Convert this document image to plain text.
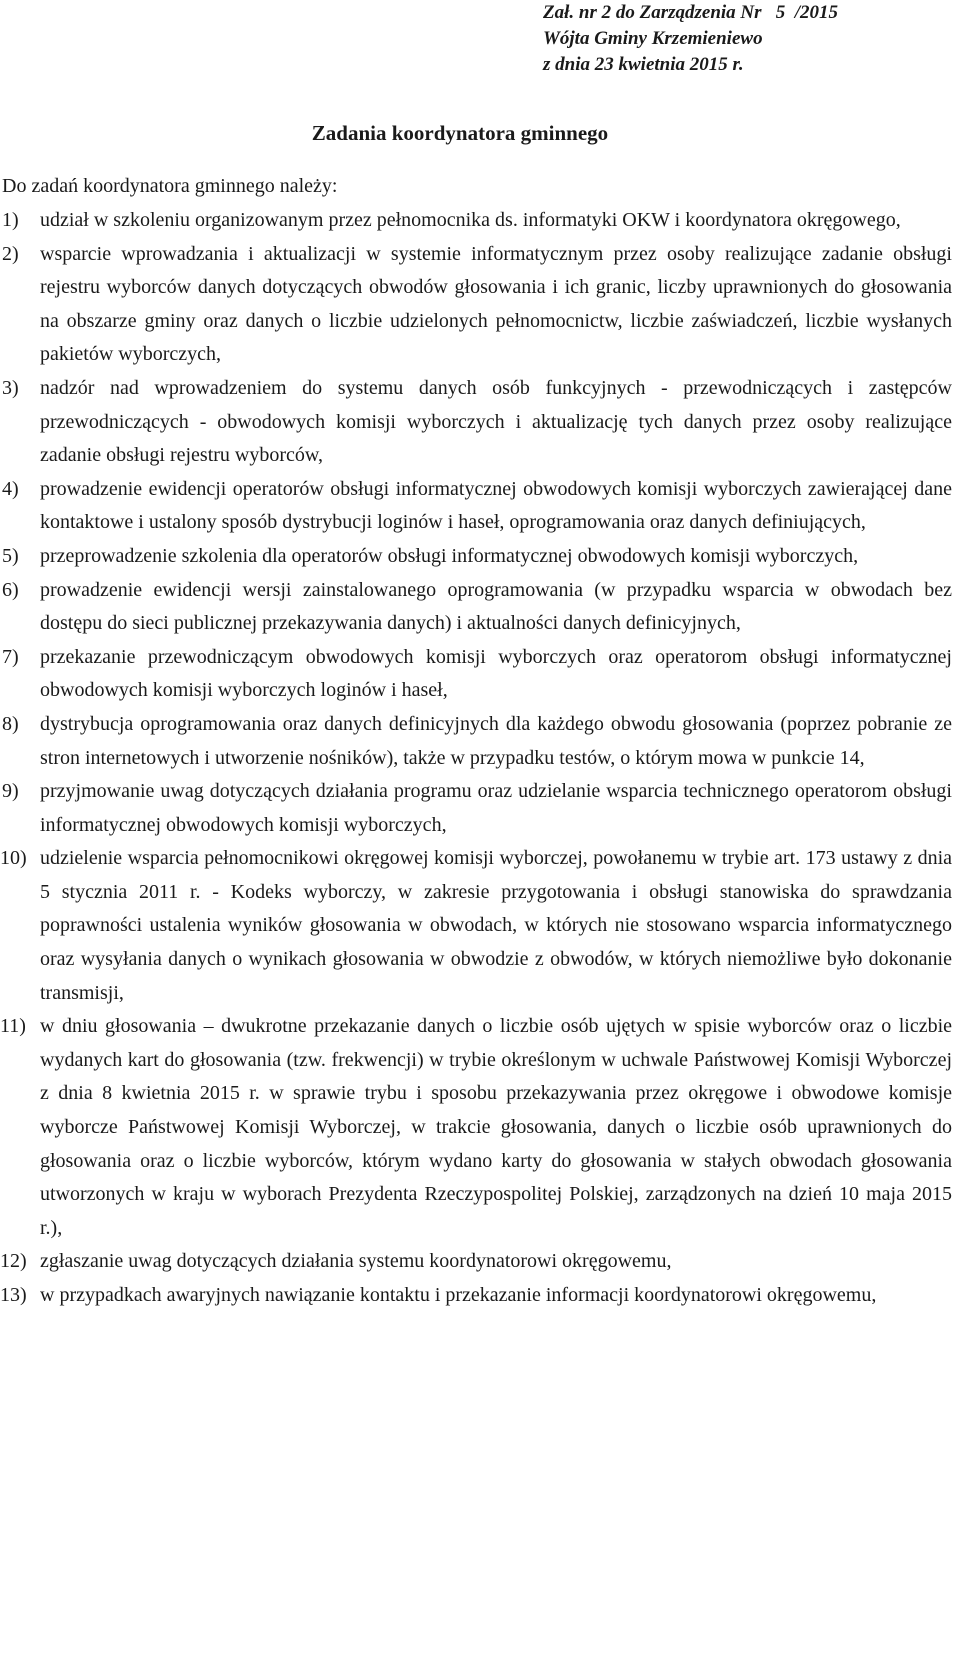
Zał. nr 2 do Zarządzenia Nr   5  /2015
Wójta Gminy Krzemieniewo
z dnia 23 kwietnia 2015 r.
Zadania koordynatora gminnego
Do zadań koordynatora gminnego należy:
1) udział w szkoleniu organizowanym przez pełnomocnika ds. informatyki OKW i koordynatora okręgowego,
2) wsparcie wprowadzania i aktualizacji w systemie informatycznym przez osoby realizujące zadanie obsługi rejestru wyborców danych dotyczących obwodów głosowania i ich granic, liczby uprawnionych do głosowania na obszarze gminy oraz danych o liczbie udzielonych pełnomocnictw, liczbie zaświadczeń, liczbie wysłanych pakietów wyborczych,
3) nadzór nad wprowadzeniem do systemu danych osób funkcyjnych - przewodniczących i zastępców przewodniczących - obwodowych komisji wyborczych i aktualizację tych danych przez osoby realizujące zadanie obsługi rejestru wyborców,
4) prowadzenie ewidencji operatorów obsługi informatycznej obwodowych komisji wyborczych zawierającej dane kontaktowe i ustalony sposób dystrybucji loginów i haseł, oprogramowania oraz danych definiujących,
5) przeprowadzenie szkolenia dla operatorów obsługi informatycznej obwodowych komisji wyborczych,
6) prowadzenie ewidencji wersji zainstalowanego oprogramowania (w przypadku wsparcia w obwodach bez dostępu do sieci publicznej przekazywania danych) i aktualności danych definicyjnych,
7) przekazanie przewodniczącym obwodowych komisji wyborczych oraz operatorom obsługi informatycznej obwodowych komisji wyborczych loginów i haseł,
8) dystrybucja oprogramowania oraz danych definicyjnych dla każdego obwodu głosowania (poprzez pobranie ze stron internetowych i utworzenie nośników), także w przypadku testów, o którym mowa w punkcie 14,
9) przyjmowanie uwag dotyczących działania programu oraz udzielanie wsparcia technicznego operatorom obsługi informatycznej obwodowych komisji wyborczych,
10) udzielenie wsparcia pełnomocnikowi okręgowej komisji wyborczej, powołanemu w trybie art. 173 ustawy z dnia 5 stycznia 2011 r. - Kodeks wyborczy, w zakresie przygotowania i obsługi stanowiska do sprawdzania poprawności ustalenia wyników głosowania w obwodach, w których nie stosowano wsparcia informatycznego oraz wysyłania danych o wynikach głosowania w obwodzie z obwodów, w których niemożliwe było dokonanie transmisji,
11) w dniu głosowania – dwukrotne przekazanie danych o liczbie osób ujętych w spisie wyborców oraz o liczbie wydanych kart do głosowania (tzw. frekwencji) w trybie określonym w uchwale Państwowej Komisji Wyborczej z dnia 8 kwietnia 2015 r. w sprawie trybu i sposobu przekazywania przez okręgowe i obwodowe komisje wyborcze Państwowej Komisji Wyborczej, w trakcie głosowania, danych o liczbie osób uprawnionych do głosowania oraz o liczbie wyborców, którym wydano karty do głosowania w stałych obwodach głosowania utworzonych w kraju w wyborach Prezydenta Rzeczypospolitej Polskiej, zarządzonych na dzień 10 maja 2015 r.),
12) zgłaszanie uwag dotyczących działania systemu koordynatorowi okręgowemu,
13) w przypadkach awaryjnych nawiązanie kontaktu i przekazanie informacji koordynatorowi okręgowemu,
